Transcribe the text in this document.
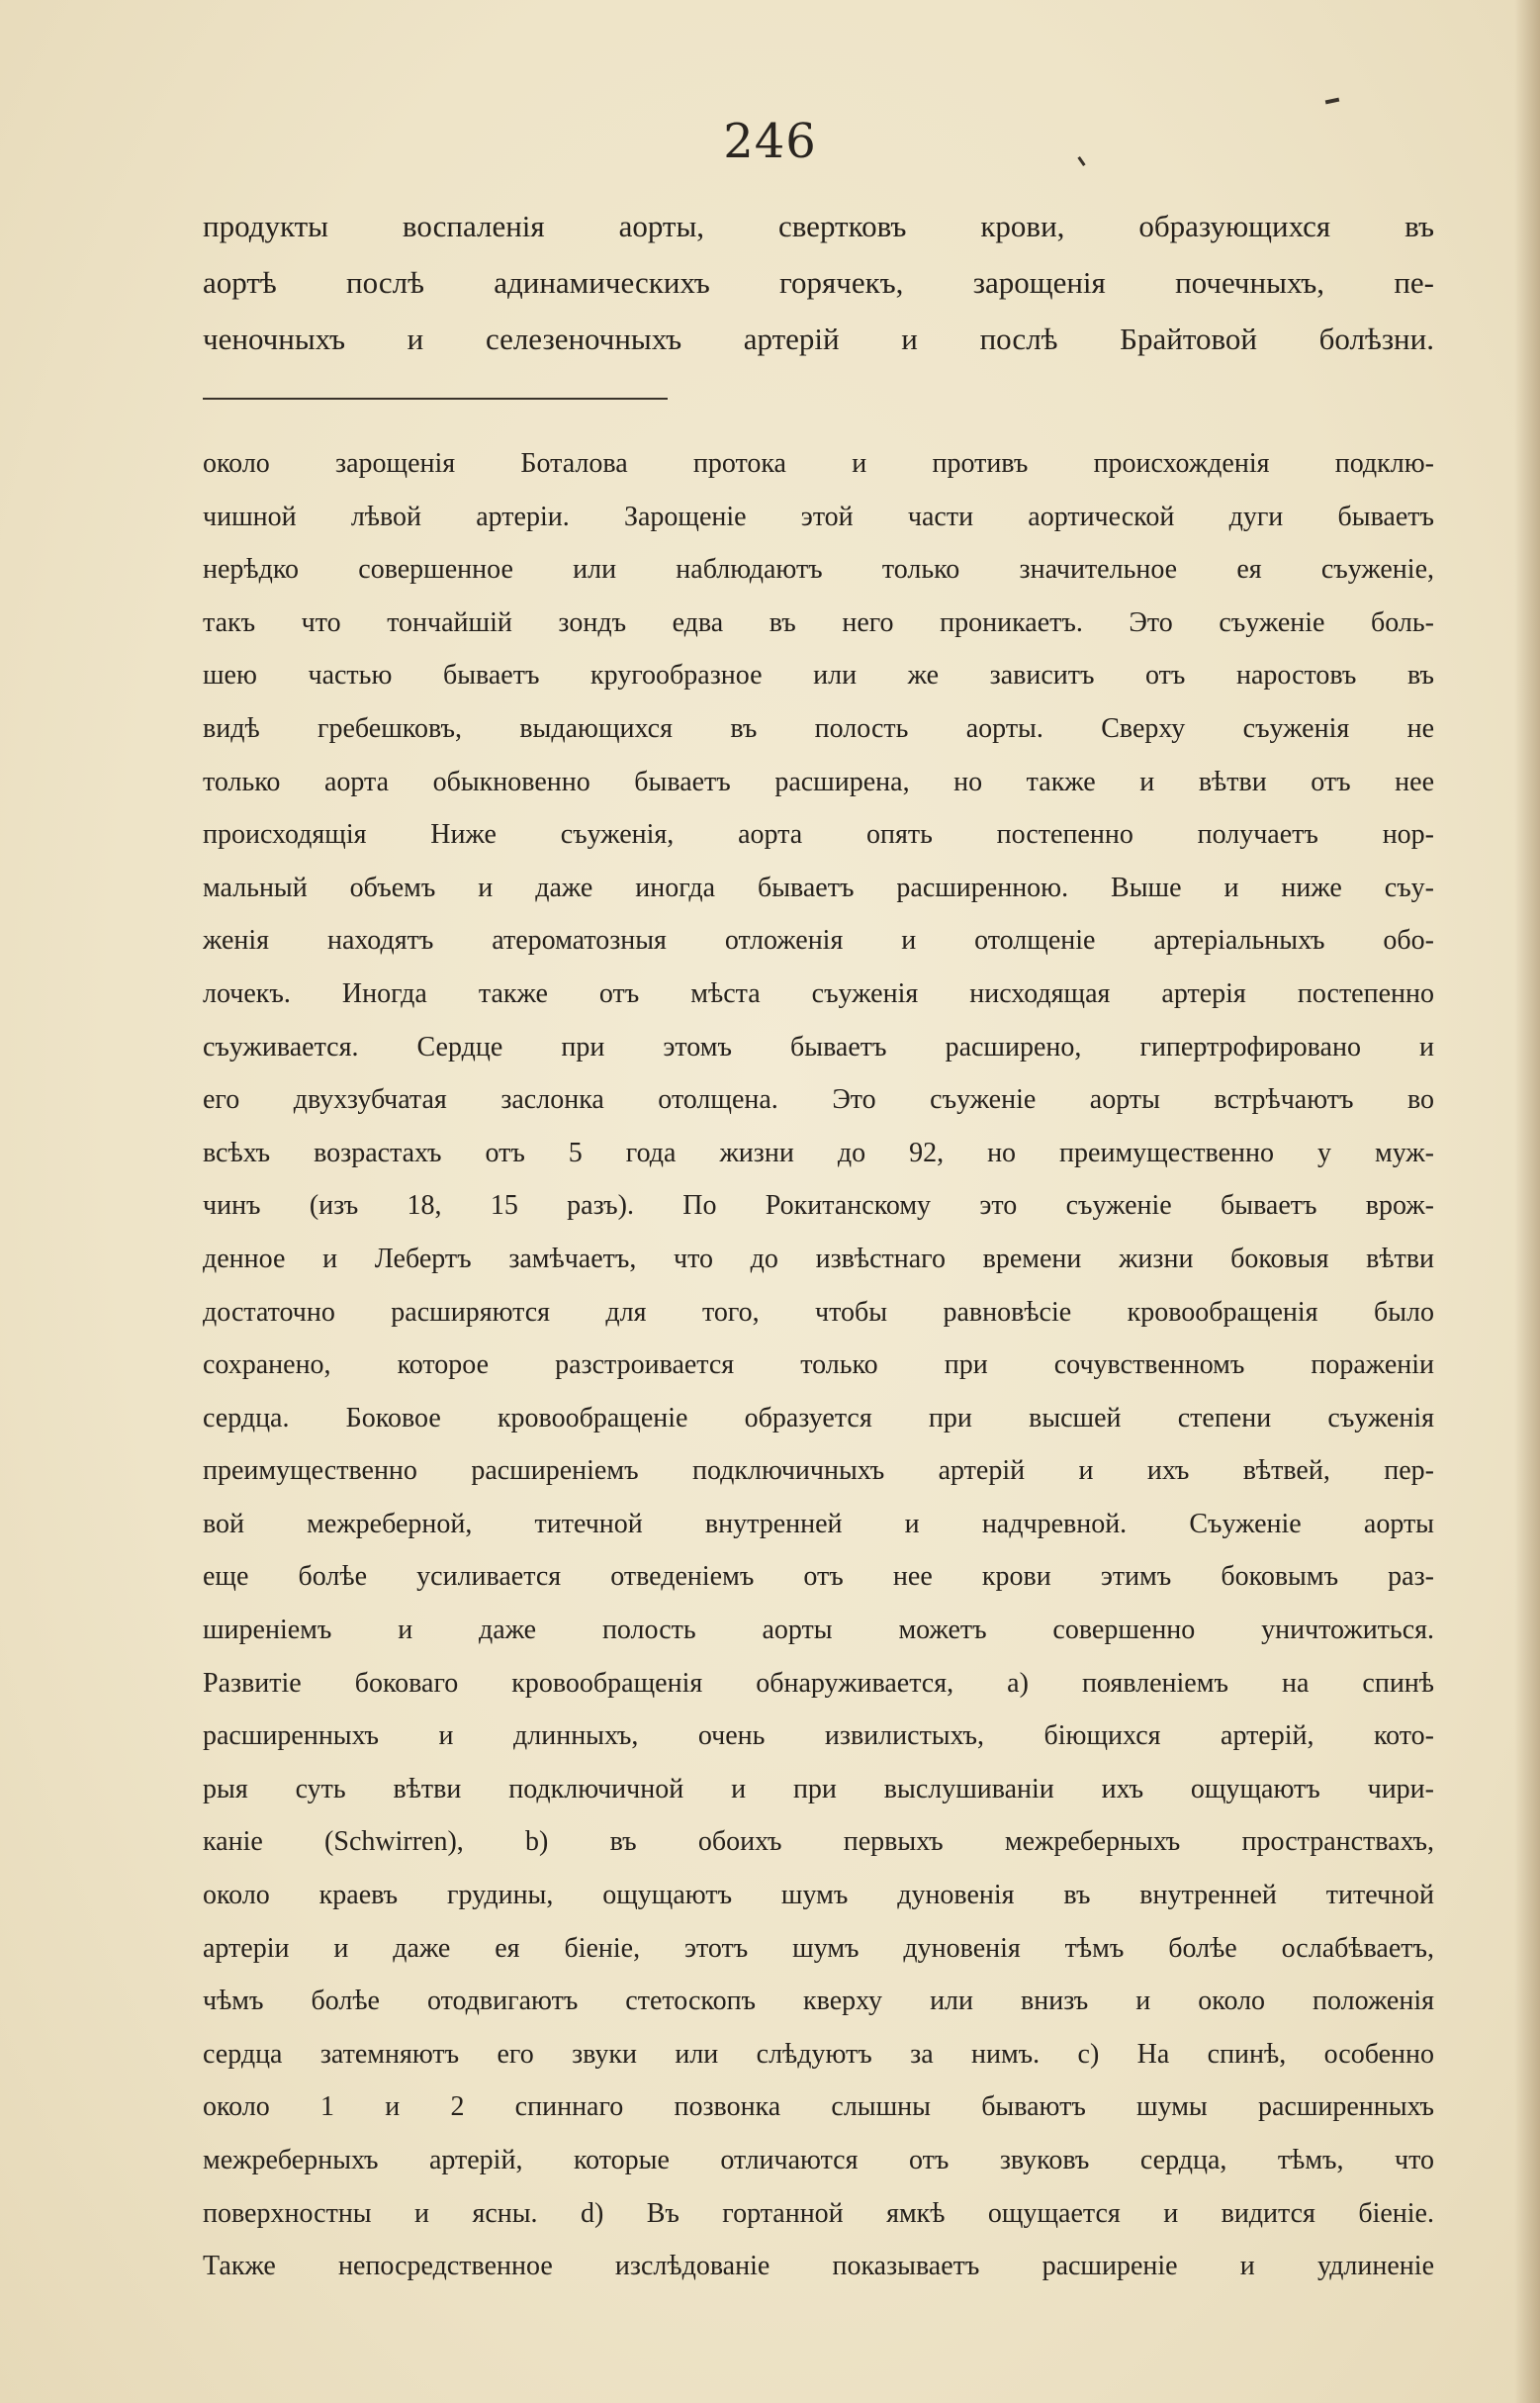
246
продукты воспаленія аорты, свертковъ крови, образующихся въ
аортѣ послѣ адинамическихъ горячекъ, зарощенія почечныхъ, пе-
ченочныхъ и селезеночныхъ артерій и послѣ Брайтовой болѣзни.
около зарощенія Боталова протока и противъ происхожденія подклю-
чишной лѣвой артеріи. Зарощеніе этой части аортической дуги бываетъ
нерѣдко совершенное или наблюдаютъ только значительное ея съуженіе,
такъ что тончайшій зондъ едва въ него проникаетъ. Это съуженіе боль-
шею частью бываетъ кругообразное или же зависитъ отъ наростовъ въ
видѣ гребешковъ, выдающихся въ полость аорты. Сверху съуженія не
только аорта обыкновенно бываетъ расширена, но также и вѣтви отъ нее
происходящія Ниже съуженія, аорта опять постепенно получаетъ нор-
мальный объемъ и даже иногда бываетъ расширенною. Выше и ниже съу-
женія находятъ атероматозныя отложенія и отолщеніе артеріальныхъ обо-
лочекъ. Иногда также отъ мѣста съуженія нисходящая артерія постепенно
съуживается. Сердце при этомъ бываетъ расширено, гипертрофировано и
его двухзубчатая заслонка отолщена. Это съуженіе аорты встрѣчаютъ во
всѣхъ возрастахъ отъ 5 года жизни до 92, но преимущественно у муж-
чинъ (изъ 18, 15 разъ). По Рокитанскому это съуженіе бываетъ врож-
денное и Лебертъ замѣчаетъ, что до извѣстнаго времени жизни боковыя вѣтви
достаточно расширяются для того, чтобы равновѣсіе кровообращенія было
сохранено, которое разстроивается только при сочувственномъ пораженіи
сердца. Боковое кровообращеніе образуется при высшей степени съуженія
преимущественно расширеніемъ подключичныхъ артерій и ихъ вѣтвей, пер-
вой межреберной, титечной внутренней и надчревной. Съуженіе аорты
еще болѣе усиливается отведеніемъ отъ нее крови этимъ боковымъ раз-
ширеніемъ и даже полость аорты можетъ совершенно уничтожиться.
Развитіе боковаго кровообращенія обнаруживается, a) появленіемъ на спинѣ
расширенныхъ и длинныхъ, очень извилистыхъ, біющихся артерій, кото-
рыя суть вѣтви подключичной и при выслушиваніи ихъ ощущаютъ чири-
каніе (Schwirren), b) въ обоихъ первыхъ межреберныхъ пространствахъ,
около краевъ грудины, ощущаютъ шумъ дуновенія въ внутренней титечной
артеріи и даже ея біеніе, этотъ шумъ дуновенія тѣмъ болѣе ослабѣваетъ,
чѣмъ болѣе отодвигаютъ стетоскопъ кверху или внизъ и около положенія
сердца затемняютъ его звуки или слѣдуютъ за нимъ. c) На спинѣ, особенно
около 1 и 2 спиннаго позвонка слышны бываютъ шумы расширенныхъ
межреберныхъ артерій, которые отличаются отъ звуковъ сердца, тѣмъ, что
поверхностны и ясны. d) Въ гортанной ямкѣ ощущается и видится біеніе.
Также непосредственное изслѣдованіе показываетъ расширеніе и удлиненіе
